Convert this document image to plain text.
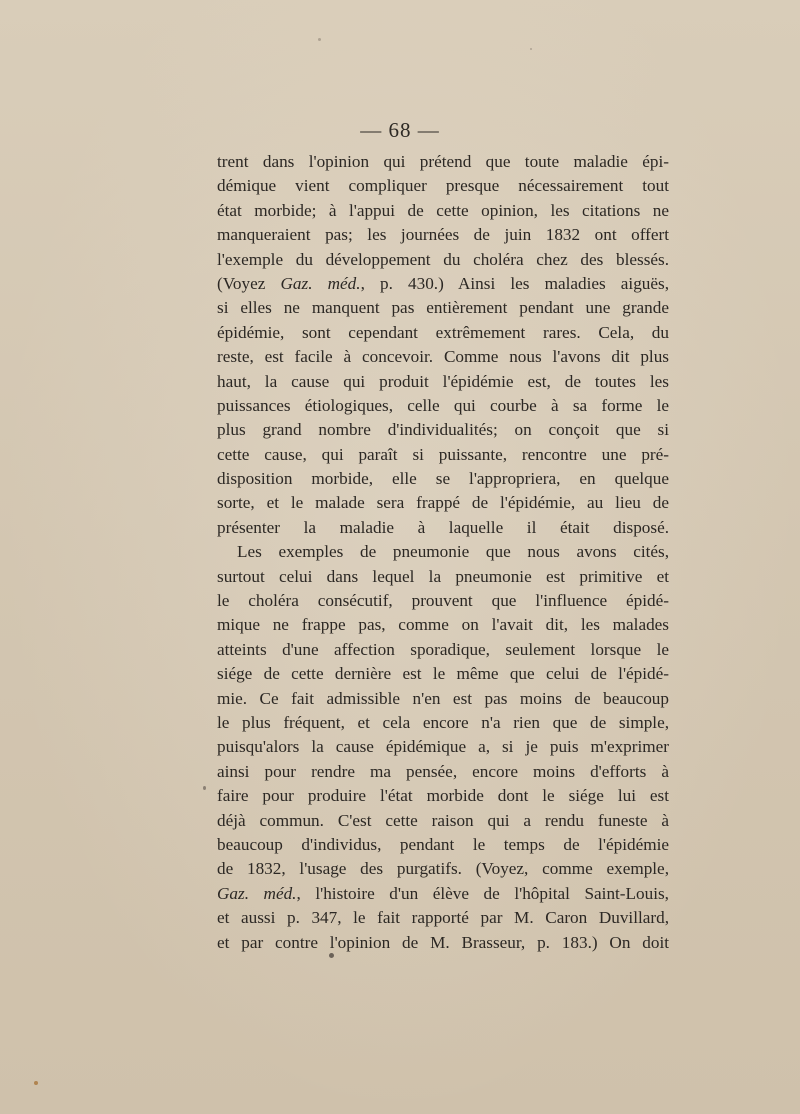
— 68 —
trent dans l'opinion qui prétend que toute maladie épi-
démique vient compliquer presque nécessairement tout
état morbide; à l'appui de cette opinion, les citations ne
manqueraient pas; les journées de juin 1832 ont offert
l'exemple du développement du choléra chez des blessés.
(Voyez Gaz. méd., p. 430.) Ainsi les maladies aiguës,
si elles ne manquent pas entièrement pendant une grande
épidémie, sont cependant extrêmement rares. Cela, du
reste, est facile à concevoir. Comme nous l'avons dit plus
haut, la cause qui produit l'épidémie est, de toutes les
puissances étiologiques, celle qui courbe à sa forme le
plus grand nombre d'individualités; on conçoit que si
cette cause, qui paraît si puissante, rencontre une pré-
disposition morbide, elle se l'appropriera, en quelque
sorte, et le malade sera frappé de l'épidémie, au lieu de
présenter la maladie à laquelle il était disposé.
Les exemples de pneumonie que nous avons cités,
surtout celui dans lequel la pneumonie est primitive et
le choléra consécutif, prouvent que l'influence épidé-
mique ne frappe pas, comme on l'avait dit, les malades
atteints d'une affection sporadique, seulement lorsque le
siége de cette dernière est le même que celui de l'épidé-
mie. Ce fait admissible n'en est pas moins de beaucoup
le plus fréquent, et cela encore n'a rien que de simple,
puisqu'alors la cause épidémique a, si je puis m'exprimer
ainsi pour rendre ma pensée, encore moins d'efforts à
faire pour produire l'état morbide dont le siége lui est
déjà commun. C'est cette raison qui a rendu funeste à
beaucoup d'individus, pendant le temps de l'épidémie
de 1832, l'usage des purgatifs. (Voyez, comme exemple,
Gaz. méd., l'histoire d'un élève de l'hôpital Saint-Louis,
et aussi p. 347, le fait rapporté par M. Caron Duvillard,
et par contre l'opinion de M. Brasseur, p. 183.) On doit
